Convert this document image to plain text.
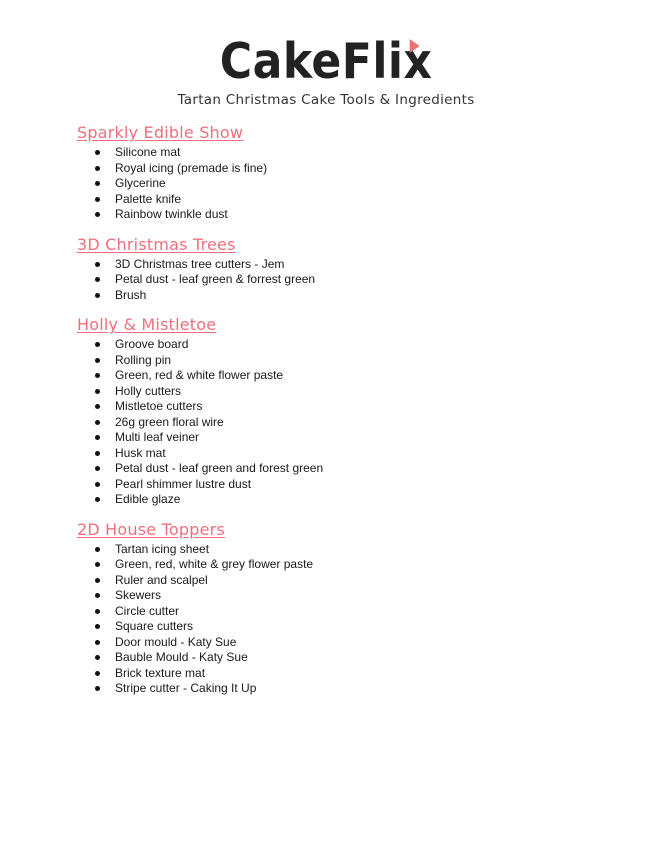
CakeFlix
Tartan Christmas Cake Tools & Ingredients
Sparkly Edible Show
Silicone mat
Royal icing (premade is fine)
Glycerine
Palette knife
Rainbow twinkle dust
3D Christmas Trees
3D Christmas tree cutters - Jem
Petal dust - leaf green & forrest green
Brush
Holly & Mistletoe
Groove board
Rolling pin
Green, red & white flower paste
Holly cutters
Mistletoe cutters
26g green floral wire
Multi leaf veiner
Husk mat
Petal dust - leaf green and forest green
Pearl shimmer lustre dust
Edible glaze
2D House Toppers
Tartan icing sheet
Green, red, white & grey flower paste
Ruler and scalpel
Skewers
Circle cutter
Square cutters
Door mould - Katy Sue
Bauble Mould - Katy Sue
Brick texture mat
Stripe cutter - Caking It Up
